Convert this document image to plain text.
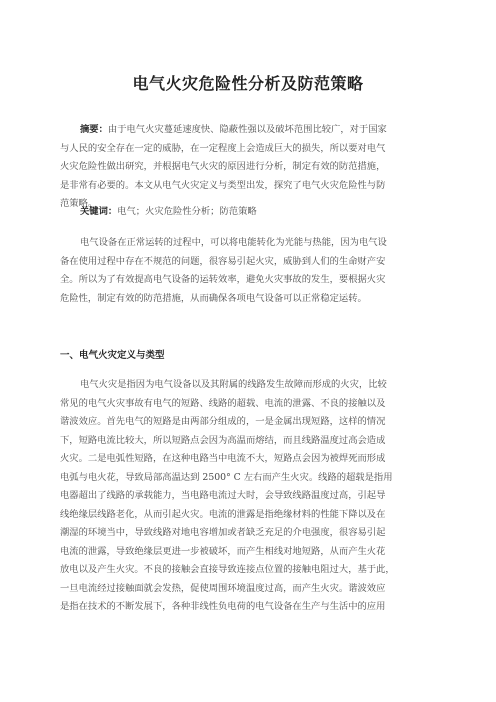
电气火灾危险性分析及防范策略
摘要：由于电气火灾蔓延速度快、隐蔽性强以及破坏范围比较广，对于国家
与人民的安全存在一定的威胁，在一定程度上会造成巨大的损失，所以要对电气
火灾危险性做出研究，并根据电气火灾的原因进行分析，制定有效的防范措施，
是非常有必要的。本文从电气火灾定义与类型出发，探究了电气火灾危险性与防
范策略。
关键词：电气；火灾危险性分析；防范策略
电气设备在正常运转的过程中，可以将电能转化为光能与热能，因为电气设
备在使用过程中存在不规范的问题，很容易引起火灾，威胁到人们的生命财产安
全。所以为了有效提高电气设备的运转效率，避免火灾事故的发生，要根据火灾
危险性，制定有效的防范措施，从而确保各项电气设备可以正常稳定运转。
一、电气火灾定义与类型
电气火灾是指因为电气设备以及其附属的线路发生故障而形成的火灾，比较
常见的电气火灾事故有电气的短路、线路的超载、电流的泄露、不良的接触以及
谐波效应。首先电气的短路是由两部分组成的，一是金属出现短路，这样的情况
下，短路电流比较大，所以短路点会因为高温而熔结，而且线路温度过高会造成
火灾。二是电弧性短路，在这种电路当中电流不大，短路点会因为被焊死而形成
电弧与电火花，导致局部高温达到 2500° C 左右而产生火灾。线路的超载是指用
电器超出了线路的承载能力，当电路电流过大时，会导致线路温度过高，引起导
线绝缘层线路老化，从而引起火灾。电流的泄露是指绝缘材料的性能下降以及在
潮湿的环境当中，导致线路对地电容增加或者缺乏充足的介电强度，很容易引起
电流的泄露，导致绝缘层更进一步被破坏，而产生相线对地短路，从而产生火花
放电以及产生火灾。不良的接触会直接导致连接点位置的接触电阻过大，基于此，
一旦电流经过接触面就会发热，促使周围环境温度过高，而产生火灾。谐波效应
是指在技术的不断发展下，各种非线性负电荷的电气设备在生产与生活中的应用
